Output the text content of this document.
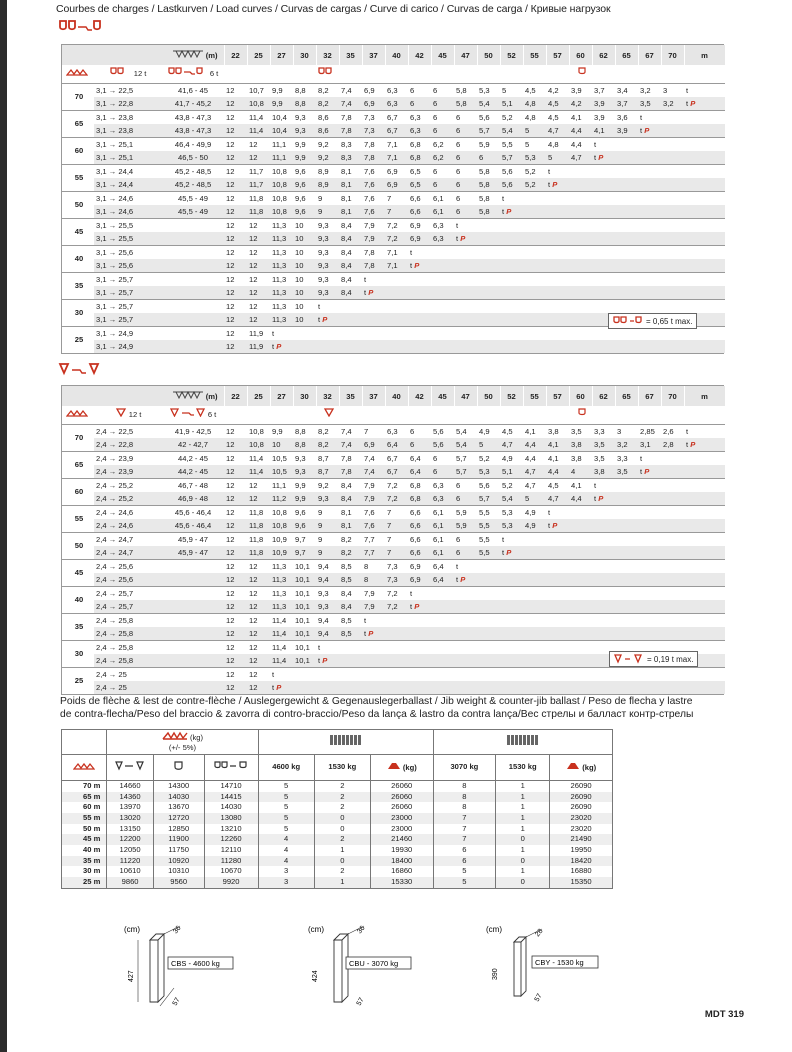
Courbes de charges / Lastkurven / Load curves / Curvas de cargas / Curve di carico / Curvas de carga / Кривые нагрузок
(m)			22	25	27	30	32	35	37	40	42	45	47	50	52	55	57	60	62	65	67	70	m
	12 t	6 t																					
70	3,1 → 22,5	41,6 - 45	12	10,7	9,9	8,8	8,2	7,4	6,9	6,3	6	6	5,8	5,3	5	4,5	4,2	3,9	3,7	3,4	3,2	3	t
	3,1 → 22,8	41,7 - 45,2	12	10,8	9,9	8,8	8,2	7,4	6,9	6,3	6	6	5,8	5,4	5,1	4,8	4,5	4,2	3,9	3,7	3,5	3,2	t P
65	3,1 → 23,8	43,8 - 47,3	12	11,4	10,4	9,3	8,6	7,8	7,3	6,7	6,3	6	6	5,6	5,2	4,8	4,5	4,1	3,9	3,6	t		
	3,1 → 23,8	43,8 - 47,3	12	11,4	10,4	9,3	8,6	7,8	7,3	6,7	6,3	6	6	5,7	5,4	5	4,7	4,4	4,1	3,9	t P		
60	3,1 → 25,1	46,4 - 49,9	12	12	11,1	9,9	9,2	8,3	7,8	7,1	6,8	6,2	6	5,9	5,5	5	4,8	4,4	t				
	3,1 → 25,1	46,5 - 50	12	12	11,1	9,9	9,2	8,3	7,8	7,1	6,8	6,2	6	6	5,7	5,3	5	4,7	t P				
55	3,1 → 24,4	45,2 - 48,5	12	11,7	10,8	9,6	8,9	8,1	7,6	6,9	6,5	6	6	5,8	5,6	5,2	t						
	3,1 → 24,4	45,2 - 48,5	12	11,7	10,8	9,6	8,9	8,1	7,6	6,9	6,5	6	6	5,8	5,6	5,2	t P						
50	3,1 → 24,6	45,5 - 49	12	11,8	10,8	9,6	9	8,1	7,6	7	6,6	6,1	6	5,8	t								
	3,1 → 24,6	45,5 - 49	12	11,8	10,8	9,6	9	8,1	7,6	7	6,6	6,1	6	5,8	t P								
45	3,1 → 25,5		12	12	11,3	10	9,3	8,4	7,9	7,2	6,9	6,3	t										
	3,1 → 25,5		12	12	11,3	10	9,3	8,4	7,9	7,2	6,9	6,3	t P										
40	3,1 → 25,6		12	12	11,3	10	9,3	8,4	7,8	7,1	t												
	3,1 → 25,6		12	12	11,3	10	9,3	8,4	7,8	7,1	t P												
35	3,1 → 25,7		12	12	11,3	10	9,3	8,4	t														
	3,1 → 25,7		12	12	11,3	10	9,3	8,4	t P														
30	3,1 → 25,7		12	12	11,3	10	t																
	3,1 → 25,7		12	12	11,3	10	t P																
25	3,1 → 24,9		12	11,9	t																		
	3,1 → 24,9		12	11,9	t P																		
(m)			22	25	27	30	32	35	37	40	42	45	47	50	52	55	57	60	62	65	67	70	m
	12 t	6 t																					
70	2,4 → 22,5	41,9 - 42,5	12	10,8	9,9	8,8	8,2	7,4	7	6,3	6	5,6	5,4	4,9	4,5	4,1	3,8	3,5	3,3	3	2,85	2,6	t
	2,4 → 22,8	42 - 42,7	12	10,8	10	8,8	8,2	7,4	6,9	6,4	6	5,6	5,4	5	4,7	4,4	4,1	3,8	3,5	3,2	3,1	2,8	t P
65	2,4 → 23,9	44,2 - 45	12	11,4	10,5	9,3	8,7	7,8	7,4	6,7	6,4	6	5,7	5,2	4,9	4,4	4,1	3,8	3,5	3,3	t		
	2,4 → 23,9	44,2 - 45	12	11,4	10,5	9,3	8,7	7,8	7,4	6,7	6,4	6	5,7	5,3	5,1	4,7	4,4	4	3,8	3,5	t P		
60	2,4 → 25,2	46,7 - 48	12	12	11,1	9,9	9,2	8,4	7,9	7,2	6,8	6,3	6	5,6	5,2	4,7	4,5	4,1	t				
	2,4 → 25,2	46,9 - 48	12	12	11,2	9,9	9,3	8,4	7,9	7,2	6,8	6,3	6	5,7	5,4	5	4,7	4,4	t P				
55	2,4 → 24,6	45,6 - 46,4	12	11,8	10,8	9,6	9	8,1	7,6	7	6,6	6,1	5,9	5,5	5,3	4,9	t						
	2,4 → 24,6	45,6 - 46,4	12	11,8	10,8	9,6	9	8,1	7,6	7	6,6	6,1	5,9	5,5	5,3	4,9	t P						
50	2,4 → 24,7	45,9 - 47	12	11,8	10,9	9,7	9	8,2	7,7	7	6,6	6,1	6	5,5	t								
	2,4 → 24,7	45,9 - 47	12	11,8	10,9	9,7	9	8,2	7,7	7	6,6	6,1	6	5,5	t P								
45	2,4 → 25,6		12	12	11,3	10,1	9,4	8,5	8	7,3	6,9	6,4	t										
	2,4 → 25,6		12	12	11,3	10,1	9,4	8,5	8	7,3	6,9	6,4	t P										
40	2,4 → 25,7		12	12	11,3	10,1	9,3	8,4	7,9	7,2	t												
	2,4 → 25,7		12	12	11,3	10,1	9,3	8,4	7,9	7,2	t P												
35	2,4 → 25,8		12	12	11,4	10,1	9,4	8,5	t														
	2,4 → 25,8		12	12	11,4	10,1	9,4	8,5	t P														
30	2,4 → 25,8		12	12	11,4	10,1	t																
	2,4 → 25,8		12	12	11,4	10,1	t P																
25	2,4 → 25		12	12	t																		
	2,4 → 25		12	12	t P																		
= 0,65 t max.
= 0,19 t max.
Poids de flèche & lest de contre-flèche / Auslegergewicht & Gegenauslegerballast / Jib weight & counter-jib ballast / Peso de flecha y lastre
de contra-flecha/Peso del braccio & zavorra di contro-braccio/Peso da lança & lastro da contra lança/Вес стрелы и балласт контр-стрелы
	(kg)
(+/- 5%)		
				4600 kg	1530 kg	(kg)	3070 kg	1530 kg	(kg)
70 m	14660	14300	14710	5	2	26060	8	1	26090
65 m	14360	14030	14415	5	2	26060	8	1	26090
60 m	13970	13670	14030	5	2	26060	8	1	26090
55 m	13020	12720	13080	5	0	23000	7	1	23020
50 m	13150	12850	13210	5	0	23000	7	1	23020
45 m	12200	11900	12260	4	2	21460	7	0	21490
40 m	12050	11750	12110	4	1	19930	6	1	19950
35 m	11220	10920	11280	4	0	18400	6	0	18420
30 m	10610	10310	10670	3	2	16860	5	1	16880
25 m	9860	9560	9920	3	1	15330	5	0	15350
(cm)
427
36
57
CBS - 4600 kg
(cm)
424
36
57
CBU - 3070 kg
(cm)
390
28
57
CBY - 1530 kg
MDT 319
